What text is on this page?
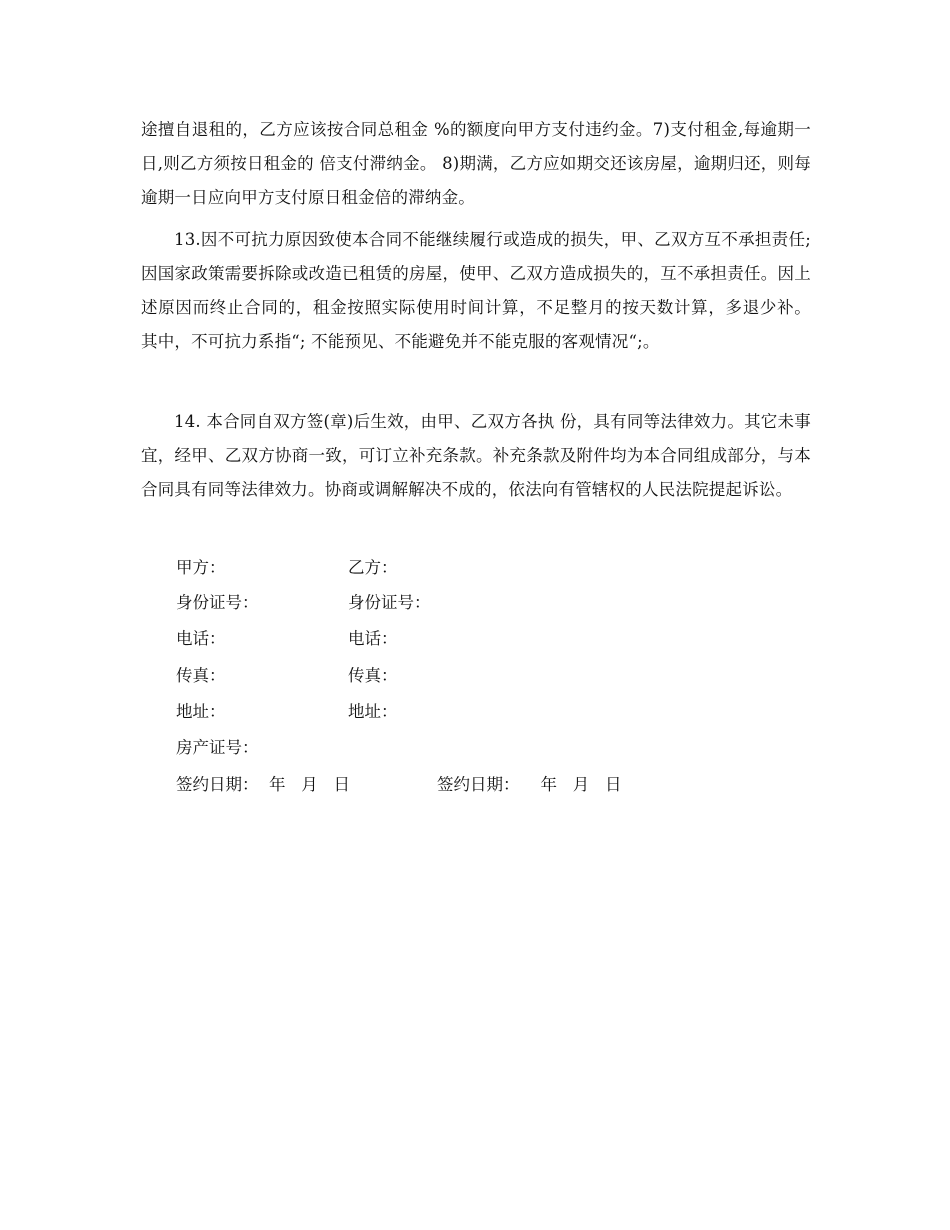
途擅自退租的，乙方应该按合同总租金 %的额度向甲方支付违约金。7)支付租金,每逾期一日,则乙方须按日租金的 倍支付滞纳金。 8)期满，乙方应如期交还该房屋，逾期归还，则每逾期一日应向甲方支付原日租金倍的滞纳金。

13.因不可抗力原因致使本合同不能继续履行或造成的损失，甲、乙双方互不承担责任;因国家政策需要拆除或改造已租赁的房屋，使甲、乙双方造成损失的，互不承担责任。因上述原因而终止合同的，租金按照实际使用时间计算，不足整月的按天数计算，多退少补。 其中，不可抗力系指“; 不能预见、不能避免并不能克服的客观情况“;。

14. 本合同自双方签(章)后生效，由甲、乙双方各执 份，具有同等法律效力。其它未事宜，经甲、乙双方协商一致，可订立补充条款。补充条款及附件均为本合同组成部分，与本合同具有同等法律效力。协商或调解解决不成的，依法向有管辖权的人民法院提起诉讼。

甲方：	乙方：
身份证号：	身份证号：
电话：	电话：
传真：	传真：
地址：	地址：
房产证号：
签约日期：  年   月   日	签约日期：    年   月   日
